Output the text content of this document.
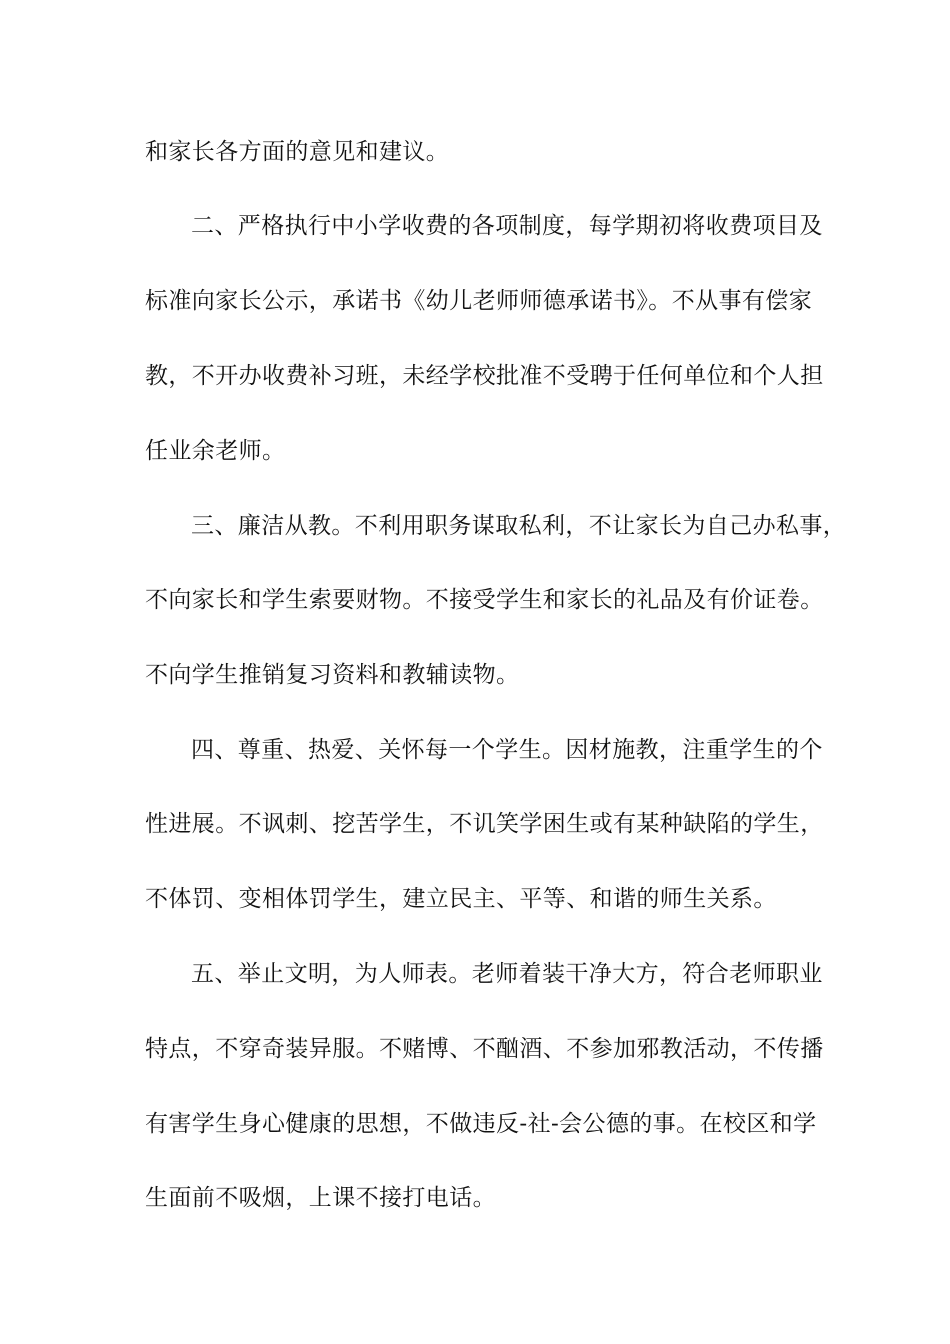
和家长各方面的意见和建议。
二、严格执行中小学收费的各项制度，每学期初将收费项目及
标准向家长公示，承诺书《幼儿老师师德承诺书》。不从事有偿家
教，不开办收费补习班，未经学校批准不受聘于任何单位和个人担
任业余老师。
三、廉洁从教。不利用职务谋取私利，不让家长为自己办私事，
不向家长和学生索要财物。不接受学生和家长的礼品及有价证卷。
不向学生推销复习资料和教辅读物。
四、尊重、热爱、关怀每一个学生。因材施教，注重学生的个
性进展。不讽刺、挖苦学生，不讥笑学困生或有某种缺陷的学生，
不体罚、变相体罚学生，建立民主、平等、和谐的师生关系。
五、举止文明，为人师表。老师着装干净大方，符合老师职业
特点，不穿奇装异服。不赌博、不酗酒、不参加邪教活动，不传播
有害学生身心健康的思想，不做违反-社-会公德的事。在校区和学
生面前不吸烟，上课不接打电话。
